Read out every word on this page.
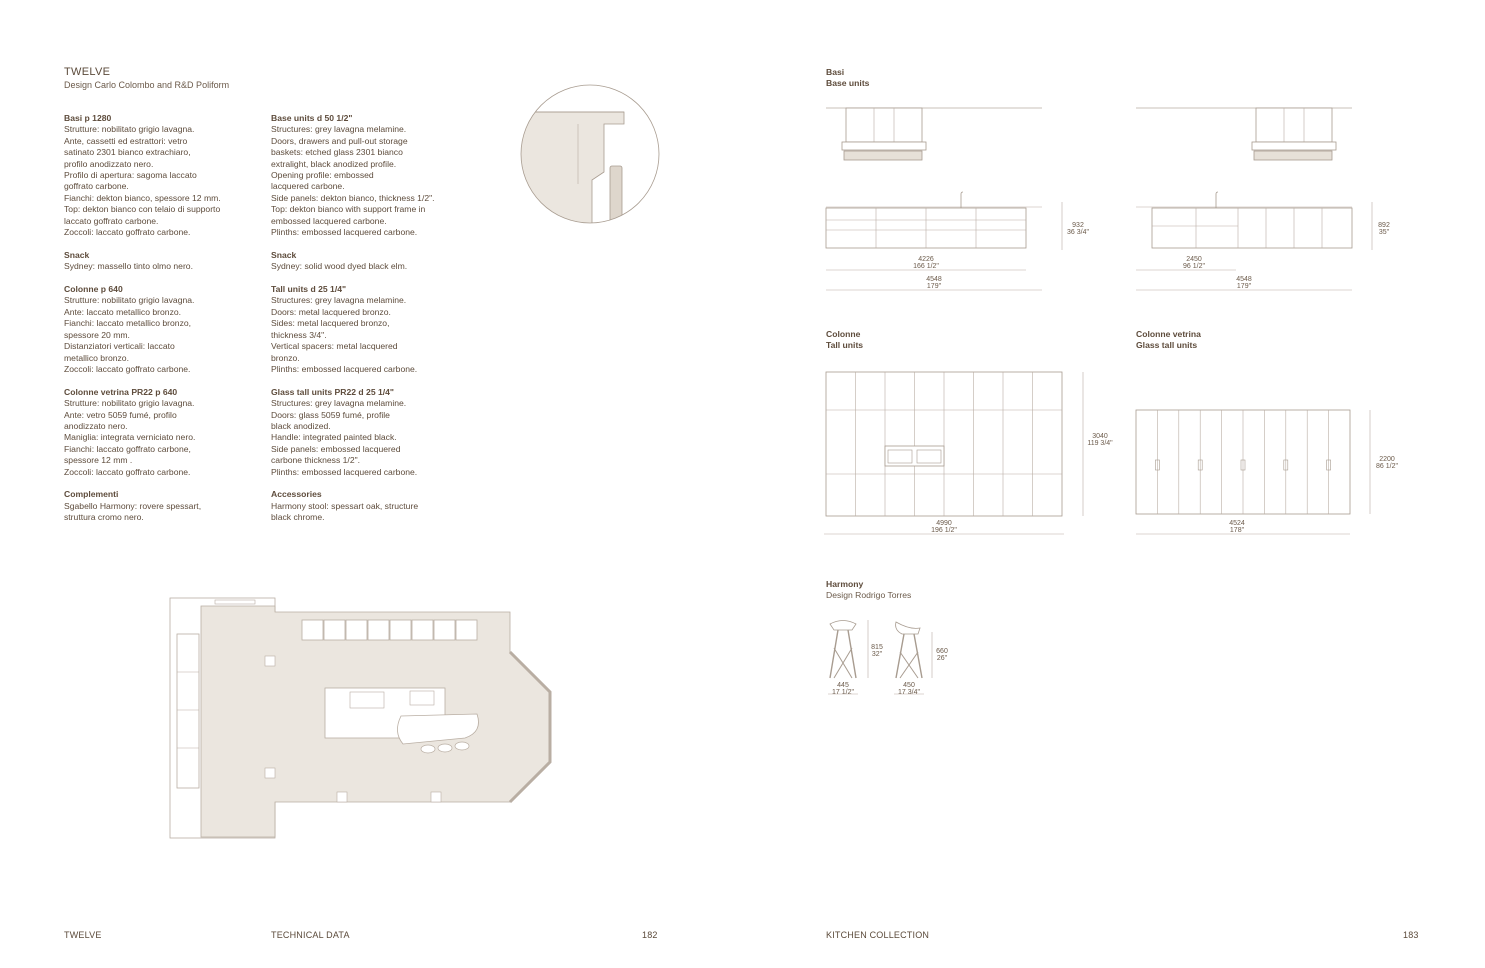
TWELVE
Design Carlo Colombo and R&D Poliform
Basi p 1280
Strutture: nobilitato grigio lavagna.
Ante, cassetti ed estrattori: vetro
satinato 2301 bianco extrachiaro,
profilo anodizzato nero.
Profilo di apertura: sagoma laccato
goffrato carbone.
Fianchi: dekton bianco, spessore 12 mm.
Top: dekton bianco con telaio di supporto
laccato goffrato carbone.
Zoccoli: laccato goffrato carbone.
Snack
Sydney: massello tinto olmo nero.
Colonne p 640
Strutture: nobilitato grigio lavagna.
Ante: laccato metallico bronzo.
Fianchi: laccato metallico bronzo,
spessore 20 mm.
Distanziatori verticali: laccato
metallico bronzo.
Zoccoli: laccato goffrato carbone.
Colonne vetrina PR22 p 640
Strutture: nobilitato grigio lavagna.
Ante: vetro 5059 fumé, profilo
anodizzato nero.
Maniglia: integrata verniciato nero.
Fianchi: laccato goffrato carbone,
spessore 12 mm .
Zoccoli: laccato goffrato carbone.
Complementi
Sgabello Harmony: rovere spessart,
struttura cromo nero.
Base units d 50 1/2"
Structures: grey lavagna melamine.
Doors, drawers and pull-out storage
baskets: etched glass 2301 bianco
extralight, black anodized profile.
Opening profile: embossed
lacquered carbone.
Side panels: dekton bianco, thickness 1/2".
Top: dekton bianco with support frame in
embossed lacquered carbone.
Plinths: embossed lacquered carbone.
Snack
Sydney: solid wood dyed black elm.
Tall units d 25 1/4"
Structures: grey lavagna melamine.
Doors: metal lacquered bronzo.
Sides: metal lacquered bronzo,
thickness 3/4".
Vertical spacers: metal lacquered
bronzo.
Plinths: embossed lacquered carbone.
Glass tall units PR22 d 25 1/4"
Structures: grey lavagna melamine.
Doors: glass 5059 fumé, profile
black anodized.
Handle: integrated painted black.
Side panels: embossed lacquered
carbone thickness 1/2".
Plinths: embossed lacquered carbone.
Accessories
Harmony stool: spessart oak, structure
black chrome.
Basi
Base units
932
36 3/4"
4226
166 1/2"
4548
179"
892
35"
2450
96 1/2"
4548
179"
Colonne
Tall units
Colonne vetrina
Glass tall units
3040
119 3/4"
4990
196 1/2"
2200
86 1/2"
4524
178"
Harmony
Design Rodrigo Torres
815
32"
445
17 1/2"
660
26"
450
17 3/4"
TWELVE	TECHNICAL DATA	182	KITCHEN COLLECTION	183
